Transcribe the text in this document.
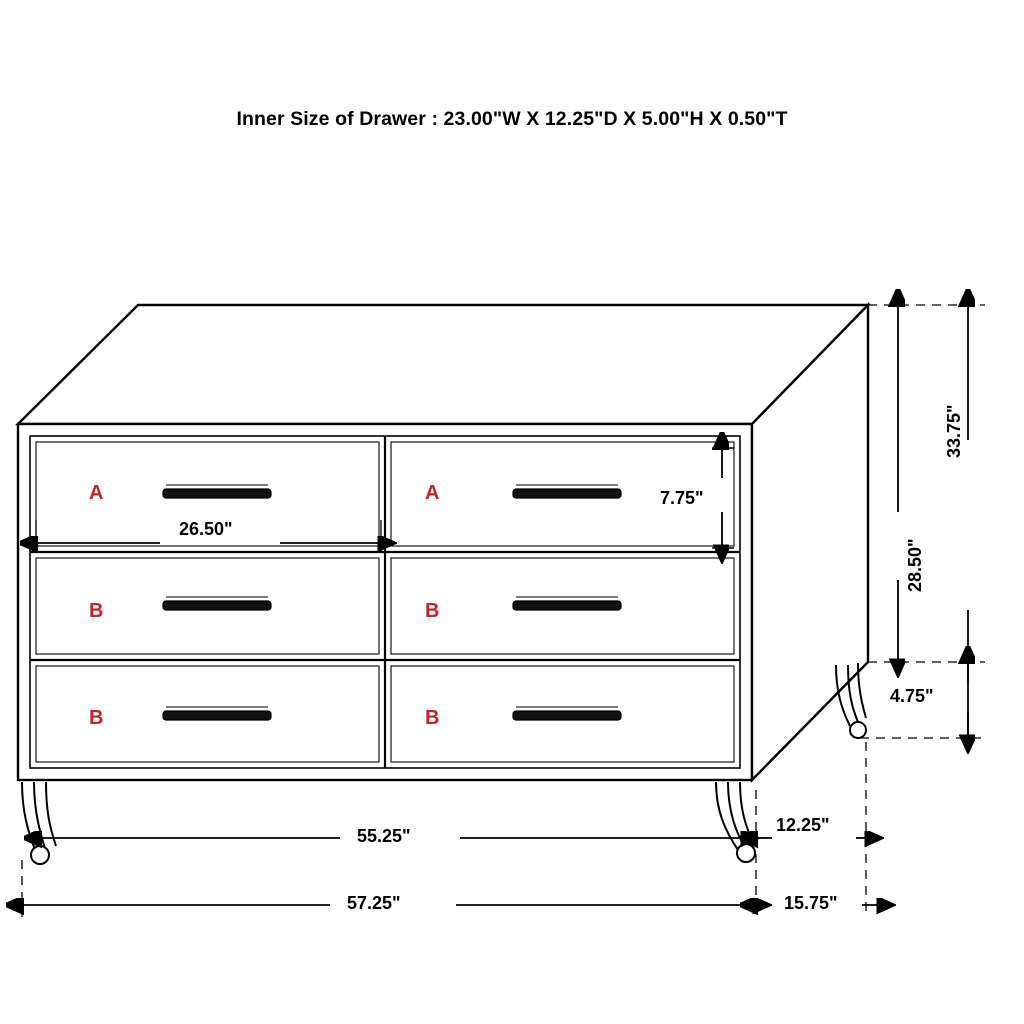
Inner Size of Drawer : 23.00"W X 12.25"D X 5.00"H X 0.50"T
A	A
B	B
B	B
33.75"
28.50"
7.75"
4.75"
26.50"
55.25"
57.25"
12.25"
15.75"
